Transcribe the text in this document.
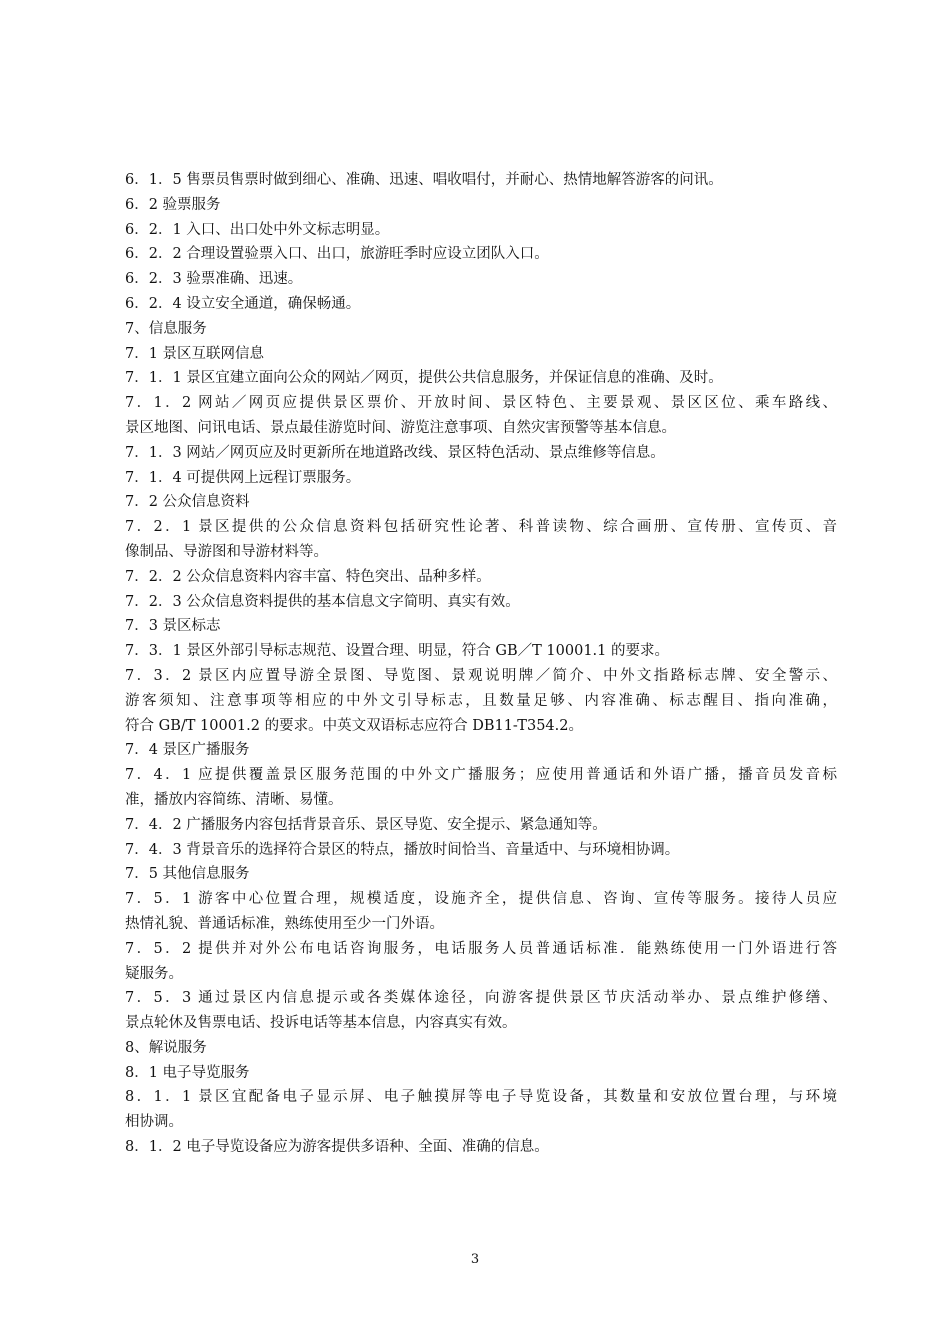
6．1．5 售票员售票时做到细心、准确、迅速、唱收唱付，并耐心、热情地解答游客的问讯。
6．2 验票服务
6．2．1 入口、出口处中外文标志明显。
6．2．2 合理设置验票入口、出口，旅游旺季时应设立团队入口。
6．2．3 验票准确、迅速。
6．2．4 设立安全通道，确保畅通。
7、信息服务
7．1 景区互联网信息
7．1．1 景区宜建立面向公众的网站／网页，提供公共信息服务，并保证信息的准确、及时。
7．1．2 网站／网页应提供景区票价、开放时间、景区特色、主要景观、景区区位、乘车路线、
景区地图、问讯电话、景点最佳游览时间、游览注意事项、自然灾害预警等基本信息。
7．1．3 网站／网页应及时更新所在地道路改线、景区特色活动、景点维修等信息。
7．1．4 可提供网上远程订票服务。
7．2 公众信息资料
7．2．1 景区提供的公众信息资料包括研究性论著、科普读物、综合画册、宣传册、宣传页、音
像制品、导游图和导游材料等。
7．2．2 公众信息资料内容丰富、特色突出、品种多样。
7．2．3 公众信息资料提供的基本信息文字简明、真实有效。
7．3 景区标志
7．3．1 景区外部引导标志规范、设置合理、明显，符合 GB／T 10001.1 的要求。
7．3．2 景区内应置导游全景图、导览图、景观说明牌／简介、中外文指路标志牌、安全警示、
游客须知、注意事项等相应的中外文引导标志，且数量足够、内容准确、标志醒目、指向准确，
符合 GB/T 10001.2 的要求。中英文双语标志应符合 DB11-T354.2。
7．4 景区广播服务
7．4．1 应提供覆盖景区服务范围的中外文广播服务；应使用普通话和外语广播，播音员发音标
准，播放内容简练、清晰、易懂。
7．4．2 广播服务内容包括背景音乐、景区导览、安全提示、紧急通知等。
7．4．3 背景音乐的选择符合景区的特点，播放时间恰当、音量适中、与环境相协调。
7．5 其他信息服务
7．5．1 游客中心位置合理，规模适度，设施齐全，提供信息、咨询、宣传等服务。接待人员应
热情礼貌、普通话标准，熟练使用至少一门外语。
7．5．2 提供并对外公布电话咨询服务，电话服务人员普通话标准．能熟练使用一门外语进行答
疑服务。
7．5．3 通过景区内信息提示或各类媒体途径，向游客提供景区节庆活动举办、景点维护修缮、
景点轮休及售票电话、投诉电话等基本信息，内容真实有效。
8、解说服务
8．1 电子导览服务
8．1．1 景区宜配备电子显示屏、电子触摸屏等电子导览设备，其数量和安放位置台理，与环境
相协调。
8．1．2 电子导览设备应为游客提供多语种、全面、准确的信息。
3
